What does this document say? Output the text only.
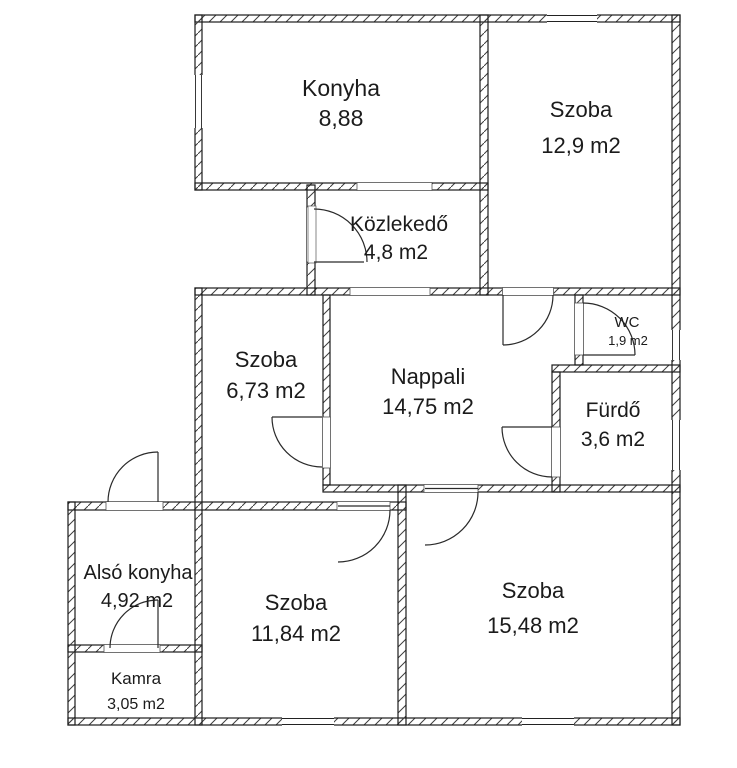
Konyha
8,88	Szoba
12,9 m2
Közlekedő
4,8 m2
Szoba
6,73 m2
Nappali
14,75 m2
WC
1,9 m2
Fürdő
3,6 m2
Alsó konyha
4,92 m2	Szoba
11,84 m2
Szoba
15,48 m2
Kamra
3,05 m2
